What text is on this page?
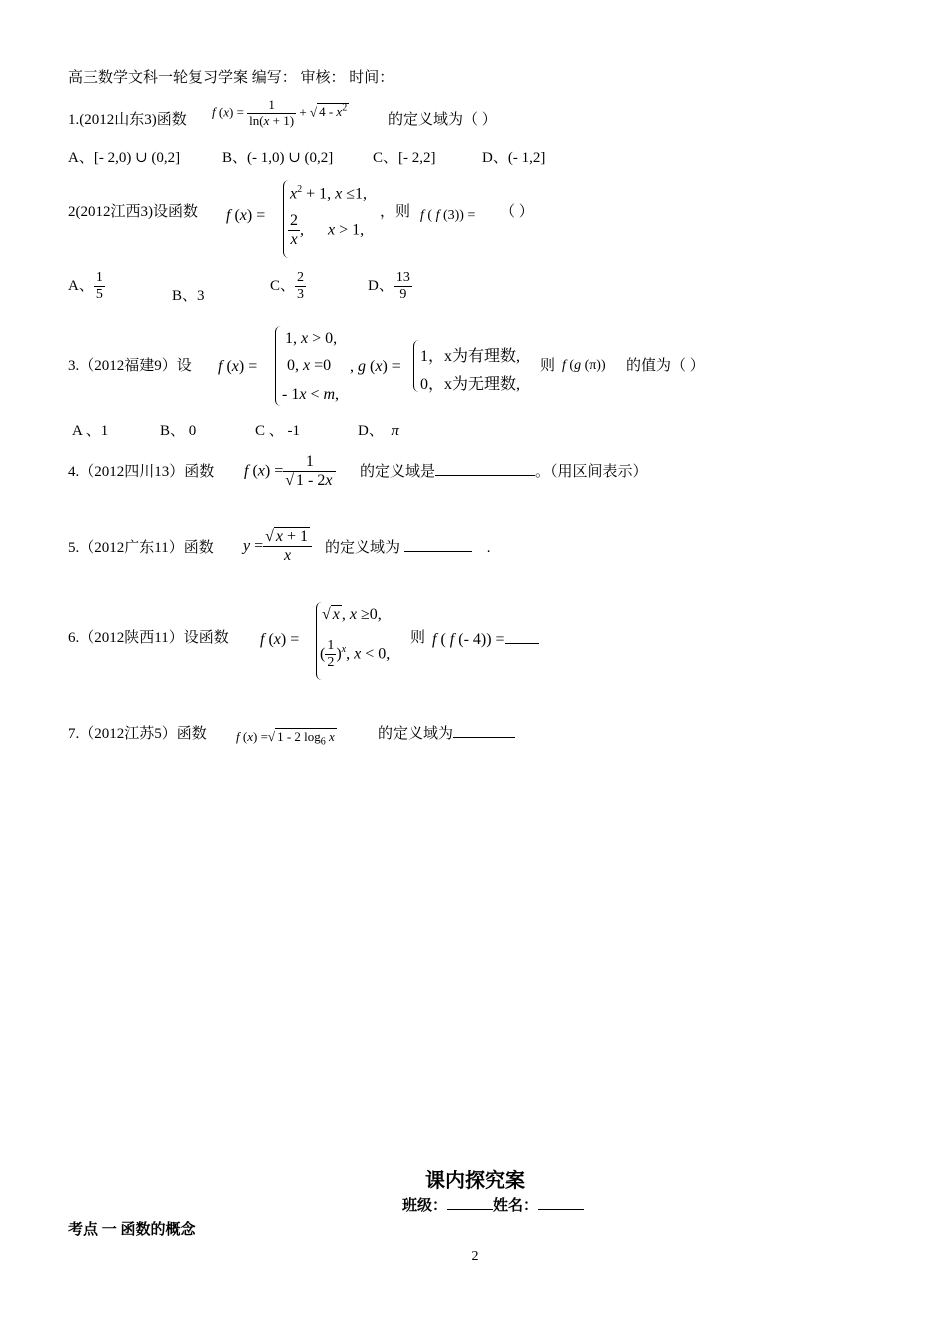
高三数学文科一轮复习学案 编写： 审核： 时间：
1.(2012山东3)函数
f $(x) = \frac{1}{\ln(x + 1)}$ + √ $4 - x^2$
的定义域为（ ）
A、[- 2,0) ∪ (0,2]	B、(- 1,0) ∪ (0,2]	C、[- 2,2]	D、(- 1,2]
2(2012江西3)设函数 f (x) =
$x^2 + 1$, x ≤1,
$\frac{2}{x}$ ,      x > 1,
，则 f ( f (3)) = （ ）
A、 $\frac{1}{5}$	B、3
C、 $\frac{2}{3}$	D、 $\frac{13}{9}$
3.（2012福建9）设 f (x) =
1, x > 0,
0, x =0
- 1x < m,
, g (x) =
1，x为有理数,
0，x为无理数,
则 f (g (π)) 的值为（ ）
A 、1	B、 0	C 、 -1	D、 π
4.（2012四川13）函数 f $(x) = \frac{1}{√ 1 - 2x}$ 的定义域是	。（用区间表示）
5.（2012广东11）函数 $y = \frac{√ x + 1}{x}$ 的定义域为	.
6.（2012陕西11）设函数 f (x) =
√ x , x ≥0,
( $\frac{1}{2} )^x$, x < 0,
则 f ( f (- 4)) =
7.（2012江苏5）函数 f (x) =√ 1 - 2 $\log_6 x$	的定义域为
课内探究案
班级：	姓名：
考点 一 函数的概念
2
